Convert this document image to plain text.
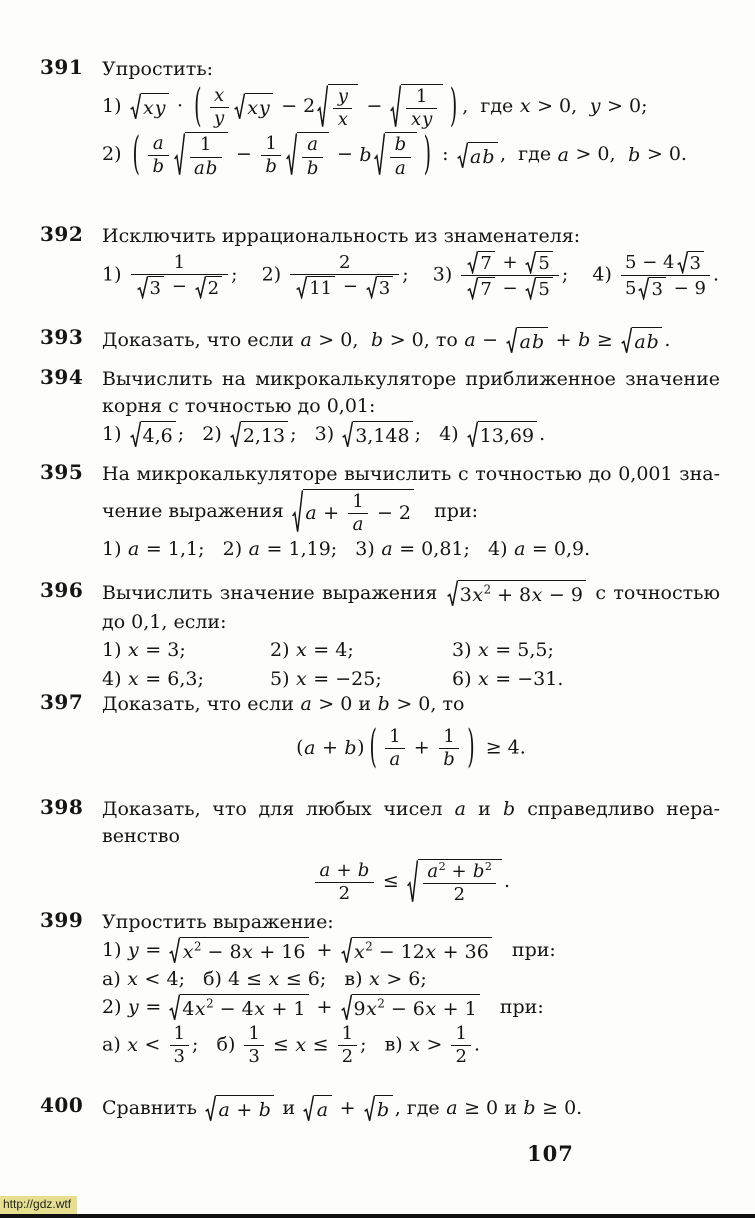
391 Упростить:
1) xy · ( $\frac{x}{y}$ xy − $2 \frac{y}{x} - \frac{1}{xy}$ ) ,  где x > 0,  y > 0;
2) ( $\frac{a}{b} \frac{1}{ab} - \frac{1}{b} \frac{a}{b} - b \frac{b}{a}$ ) : ab ,  где a > 0,  b > 0.
392 Исключить иррациональность из знаменателя:
$1) \frac{1}{3 - 2}$ ;    $2) \frac{2}{11 - 3}$ ;    $3) \frac{7 + 5}{7 - 5}$ ;    $4) \frac{5 - 4 3}{5 3 - 9}$ .
393 Доказать, что если a > 0,  b > 0, то a − ab + b ≥ ab .
394 Вычислить на микрокалькуляторе приближенное значение
корня с точностью до 0,01:
1) 4,6 ;   2) 2,13 ;   3) 3,148 ;   4) 13,69 .
395 На микрокалькуляторе вычислить с точностью до 0,001 зна-
чение выражения $a + \frac{1}{a} - 2$ при:
1) a = 1,1;   2) a = 1,19;   3) a = 0,81;   4) a = 0,9.
396 Вычислить значение выражения $3x^2 + 8x - 9$ с точностью
до 0,1, если:
1) x = 3;	2) x = 4;	3) x = 5,5;
4) x = 6,3;	5) x = −25;	6) x = −31.
397 Доказать, что если a > 0 и b > 0, то
(a + b) ( $\frac{1}{a} + \frac{1}{b}$ ) ≥ 4.
398 Доказать, что для любых чисел a и b справедливо нера-
венство
$\frac{a + b}{2} \le \frac{a^2 + b^2}{2}$ .
399 Упростить выражение:
1) $y = x^2 - 8x + 16 + x^2 - 12x + 36$ при:
а) x < 4;   б) 4 ≤ x ≤ 6;   в) x > 6;
2) $y = 4x^2 - 4x + 1 + 9x^2 - 6x + 1$ при:
а) $x < \frac{1}{3}$ ;   $б) \frac{1}{3} \le x \le \frac{1}{2}$ ;   в) $x > \frac{1}{2}$ .
400 Сравнить a + b и a + b , где a ≥ 0 и b ≥ 0.
107
http://gdz.wtf
